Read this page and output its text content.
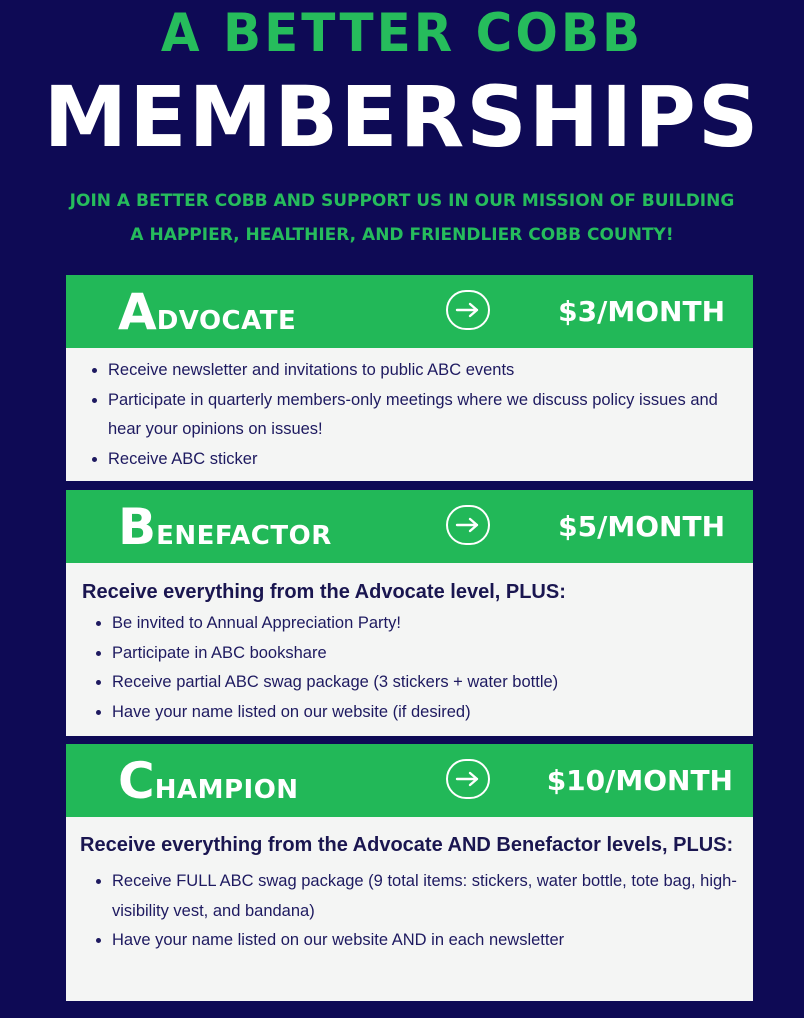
A BETTER COBB
MEMBERSHIPS
JOIN A BETTER COBB AND SUPPORT US IN OUR MISSION OF BUILDING
A HAPPIER, HEALTHIER, AND FRIENDLIER COBB COUNTY!
A DVOCATE	$3/MONTH
• Receive newsletter and invitations to public ABC events
• Participate in quarterly members-only meetings where we discuss policy issues and hear your opinions on issues!
• Receive ABC sticker
B ENEFACTOR	$5/MONTH
Receive everything from the Advocate level, PLUS:
• Be invited to Annual Appreciation Party!
• Participate in ABC bookshare
• Receive partial ABC swag package (3 stickers + water bottle)
• Have your name listed on our website (if desired)
C HAMPION	$10/MONTH
Receive everything from the Advocate AND Benefactor levels, PLUS:
• Receive FULL ABC swag package (9 total items: stickers, water bottle, tote bag, high-visibility vest, and bandana)
• Have your name listed on our website AND in each newsletter
